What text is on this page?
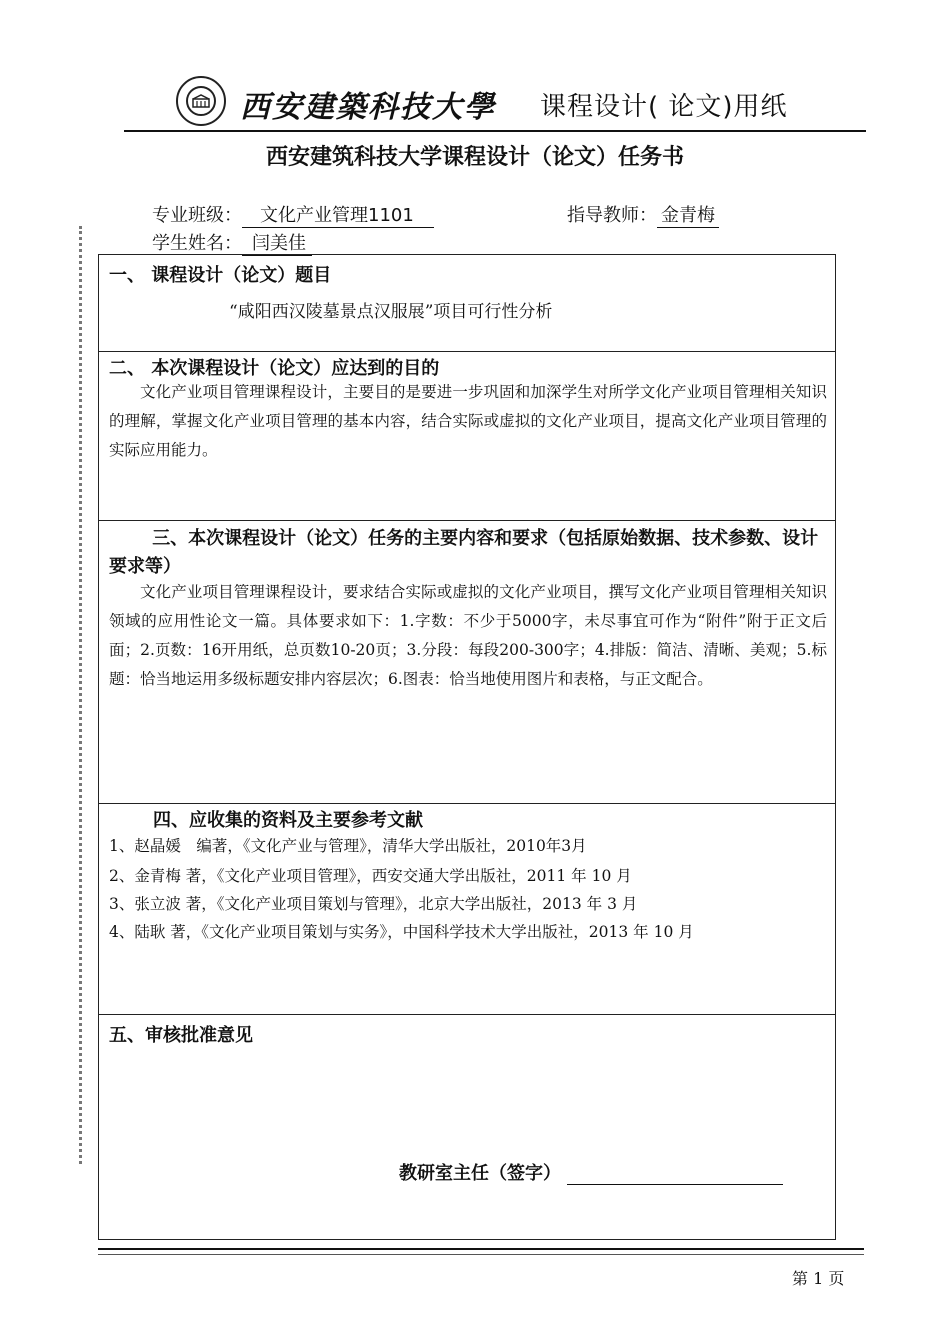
西安建築科技大學 课程设计( 论文)用纸
西安建筑科技大学课程设计（论文）任务书
专业班级： 文化产业管理1101	指导教师： 金青梅
学生姓名： 闫美佳
一、 课程设计（论文）题目
“咸阳西汉陵墓景点汉服展”项目可行性分析
二、 本次课程设计（论文）应达到的目的
文化产业项目管理课程设计，主要目的是要进一步巩固和加深学生对所学文化产业项目管理相关知识的理解，掌握文化产业项目管理的基本内容，结合实际或虚拟的文化产业项目，提高文化产业项目管理的实际应用能力。
三、本次课程设计（论文）任务的主要内容和要求（包括原始数据、技术参数、设计要求等）
文化产业项目管理课程设计，要求结合实际或虚拟的文化产业项目，撰写文化产业项目管理相关知识领域的应用性论文一篇。具体要求如下：1.字数：不少于5000字，未尽事宜可作为“附件”附于正文后面；2.页数：16开用纸，总页数10-20页；3.分段：每段200-300字；4.排版：简洁、清晰、美观；5.标题：恰当地运用多级标题安排内容层次；6.图表：恰当地使用图片和表格，与正文配合。
四、应收集的资料及主要参考文献
1、赵晶媛　编著，《文化产业与管理》，清华大学出版社，2010年3月
2、金青梅 著，《文化产业项目管理》，西安交通大学出版社，2011 年 10 月
3、张立波 著，《文化产业项目策划与管理》，北京大学出版社，2013 年 3 月
4、陆耿 著，《文化产业项目策划与实务》，中国科学技术大学出版社，2013 年 10 月
五、审核批准意见
教研室主任（签字）
第 1 页
